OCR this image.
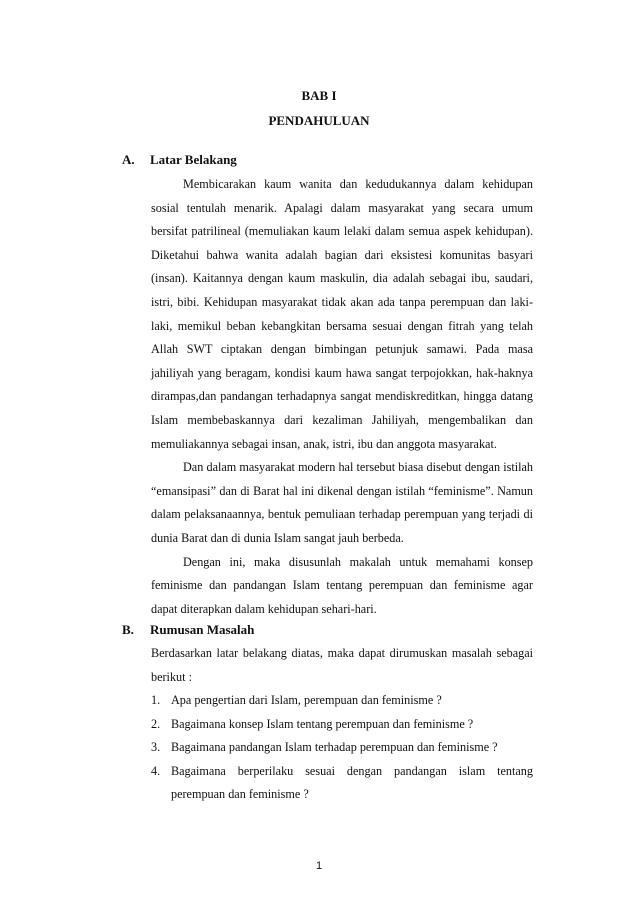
BAB I
PENDAHULUAN
A. Latar Belakang

Membicarakan kaum wanita dan kedudukannya dalam kehidupan sosial tentulah menarik. Apalagi dalam masyarakat yang secara umum bersifat patrilineal (memuliakan kaum lelaki dalam semua aspek kehidupan). Diketahui bahwa wanita adalah bagian dari eksistesi komunitas basyari (insan). Kaitannya dengan kaum maskulin, dia adalah sebagai ibu, saudari, istri, bibi. Kehidupan masyarakat tidak akan ada tanpa perempuan dan laki-laki, memikul beban kebangkitan bersama sesuai dengan fitrah yang telah Allah SWT ciptakan dengan bimbingan petunjuk samawi. Pada masa jahiliyah yang beragam, kondisi kaum hawa sangat terpojokkan, hak-haknya dirampas,dan pandangan terhadapnya sangat mendiskreditkan, hingga datang Islam membebaskannya dari kezaliman Jahiliyah, mengembalikan dan memuliakannya sebagai insan, anak, istri, ibu dan anggota masyarakat.

Dan dalam masyarakat modern hal tersebut biasa disebut dengan istilah “emansipasi” dan di Barat hal ini dikenal dengan istilah “feminisme”. Namun dalam pelaksanaannya, bentuk pemuliaan terhadap perempuan yang terjadi di dunia Barat dan di dunia Islam sangat jauh berbeda.

Dengan ini, maka disusunlah makalah untuk memahami konsep feminisme dan pandangan Islam tentang perempuan dan feminisme agar dapat diterapkan dalam kehidupan sehari-hari.

B. Rumusan Masalah
Berdasarkan latar belakang diatas, maka dapat dirumuskan masalah sebagai berikut :
1. Apa pengertian dari Islam, perempuan dan feminisme ?
2. Bagaimana konsep Islam tentang perempuan dan feminisme ?
3. Bagaimana pandangan Islam terhadap perempuan dan feminisme ?
4. Bagaimana berperilaku sesuai dengan pandangan islam tentang perempuan dan feminisme ?
1
